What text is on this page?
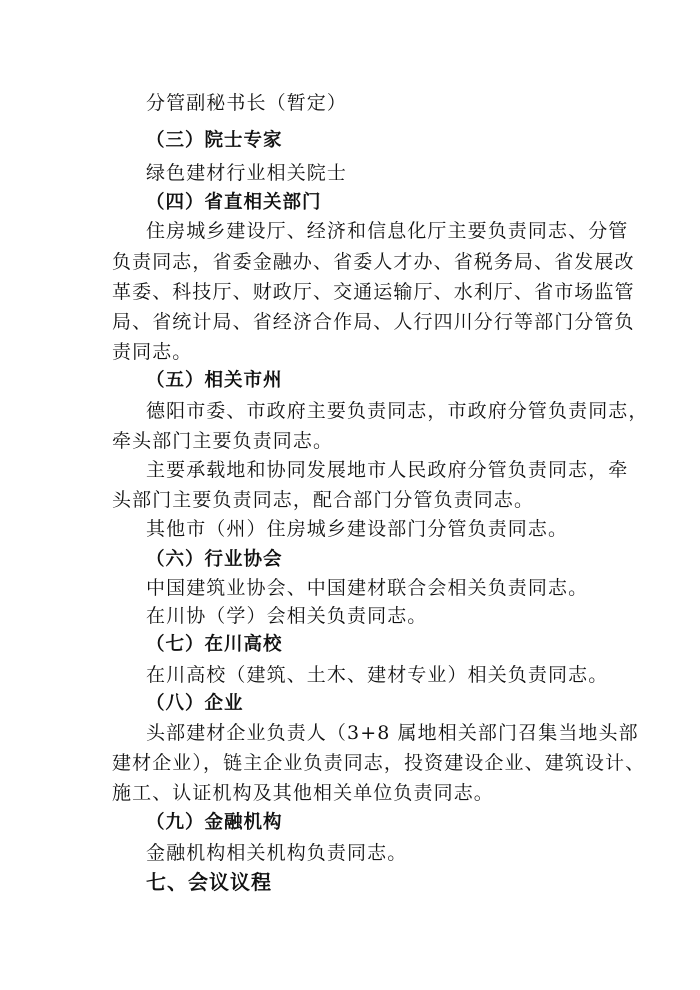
分管副秘书长（暂定）

（三）院士专家

绿色建材行业相关院士

（四）省直相关部门

住房城乡建设厅、经济和信息化厅主要负责同志、分管

负责同志，省委金融办、省委人才办、省税务局、省发展改

革委、科技厅、财政厅、交通运输厅、水利厅、省市场监管

局、省统计局、省经济合作局、人行四川分行等部门分管负

责同志。

（五）相关市州

德阳市委、市政府主要负责同志，市政府分管负责同志，

牵头部门主要负责同志。

主要承载地和协同发展地市人民政府分管负责同志，牵

头部门主要负责同志，配合部门分管负责同志。

其他市（州）住房城乡建设部门分管负责同志。

（六）行业协会

中国建筑业协会、中国建材联合会相关负责同志。

在川协（学）会相关负责同志。

（七）在川高校

在川高校（建筑、土木、建材专业）相关负责同志。

（八）企业

头部建材企业负责人（3+8 属地相关部门召集当地头部

建材企业），链主企业负责同志，投资建设企业、建筑设计、

施工、认证机构及其他相关单位负责同志。

（九）金融机构

金融机构相关机构负责同志。

七、会议议程
